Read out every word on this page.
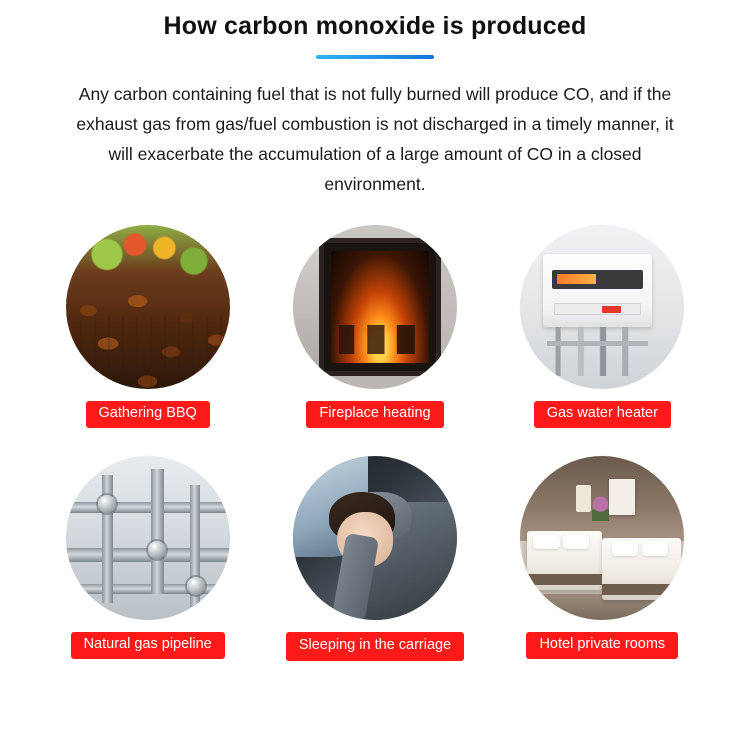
How carbon monoxide is produced
Any carbon containing fuel that is not fully burned will produce CO, and if the exhaust gas from gas/fuel combustion is not discharged in a timely manner, it will exacerbate the accumulation of a large amount of CO in a closed environment.
Gathering BBQ	Fireplace heating	Gas water heater
Natural gas pipeline	Sleeping in the carriage	Hotel private rooms
